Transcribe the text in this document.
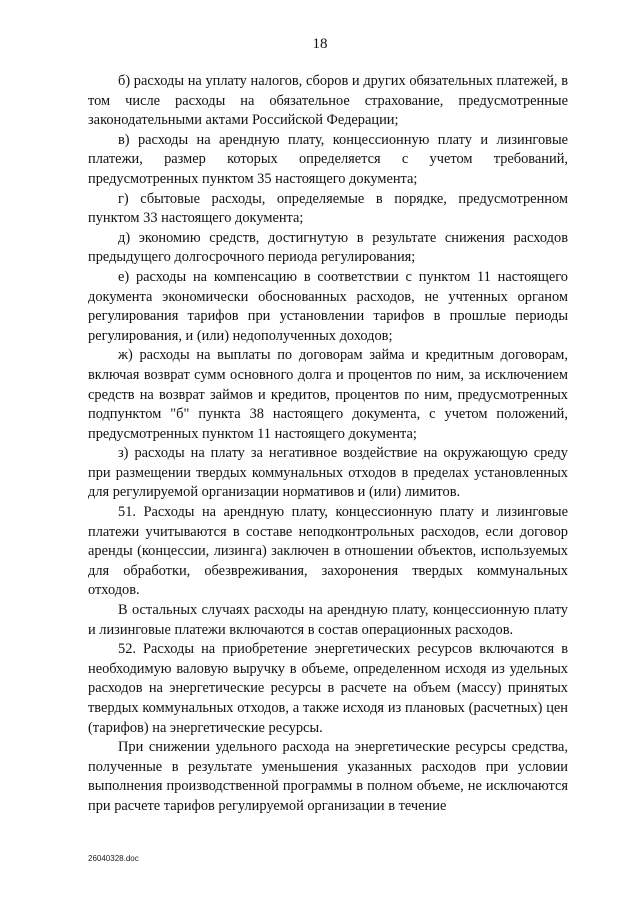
18

б) расходы на уплату налогов, сборов и других обязательных платежей, в том числе расходы на обязательное страхование, предусмотренные законодательными актами Российской Федерации;

в) расходы на арендную плату, концессионную плату и лизинговые платежи, размер которых определяется с учетом требований, предусмотренных пунктом 35 настоящего документа;

г) сбытовые расходы, определяемые в порядке, предусмотренном пунктом 33 настоящего документа;

д) экономию средств, достигнутую в результате снижения расходов предыдущего долгосрочного периода регулирования;

е) расходы на компенсацию в соответствии с пунктом 11 настоящего документа экономически обоснованных расходов, не учтенных органом регулирования тарифов при установлении тарифов в прошлые периоды регулирования, и (или) недополученных доходов;

ж) расходы на выплаты по договорам займа и кредитным договорам, включая возврат сумм основного долга и процентов по ним, за исключением средств на возврат займов и кредитов, процентов по ним, предусмотренных подпунктом "б" пункта 38 настоящего документа, с учетом положений, предусмотренных пунктом 11 настоящего документа;

з) расходы на плату за негативное воздействие на окружающую среду при размещении твердых коммунальных отходов в пределах установленных для регулируемой организации нормативов и (или) лимитов.

51. Расходы на арендную плату, концессионную плату и лизинговые платежи учитываются в составе неподконтрольных расходов, если договор аренды (концессии, лизинга) заключен в отношении объектов, используемых для обработки, обезвреживания, захоронения твердых коммунальных отходов.

В остальных случаях расходы на арендную плату, концессионную плату и лизинговые платежи включаются в состав операционных расходов.

52. Расходы на приобретение энергетических ресурсов включаются в необходимую валовую выручку в объеме, определенном исходя из удельных расходов на энергетические ресурсы в расчете на объем (массу) принятых твердых коммунальных отходов, а также исходя из плановых (расчетных) цен (тарифов) на энергетические ресурсы.

При снижении удельного расхода на энергетические ресурсы средства, полученные в результате уменьшения указанных расходов при условии выполнения производственной программы в полном объеме, не исключаются при расчете тарифов регулируемой организации в течение

26040328.doc
